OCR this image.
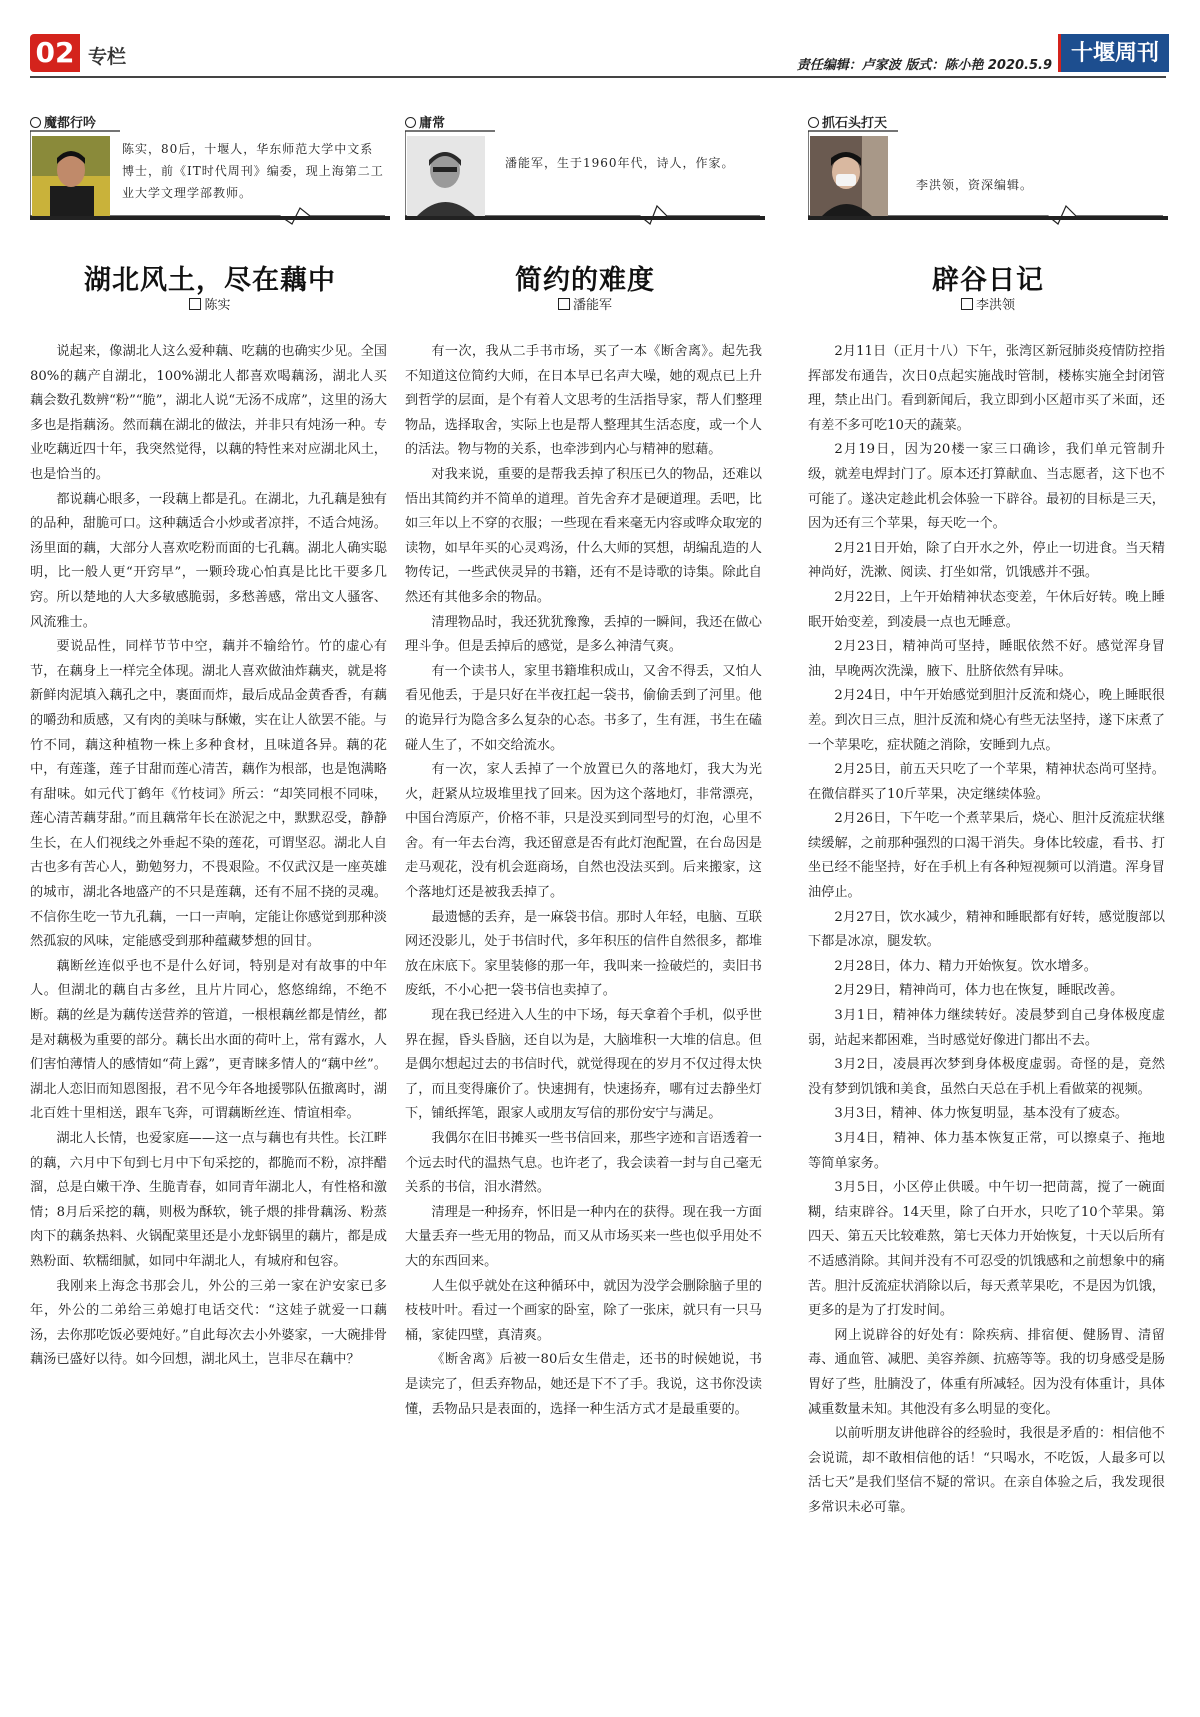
02 专栏	责任编辑：卢家波 版式：陈小艳 2020.5.9 十堰周刊
魔都行吟
陈实，80后，十堰人，华东师范大学中文系博士，前《IT时代周刊》编委，现上海第二工业大学文理学部教师。
湖北风土，尽在藕中
陈实

说起来，像湖北人这么爱种藕、吃藕的也确实少见。全国80%的藕产自湖北，100%湖北人都喜欢喝藕汤，湖北人买藕会数孔数辨“粉”“脆”，湖北人说“无汤不成席”，这里的汤大多也是指藕汤。然而藕在湖北的做法，并非只有炖汤一种。专业吃藕近四十年，我突然觉得，以藕的特性来对应湖北风土，也是恰当的。

都说藕心眼多，一段藕上都是孔。在湖北，九孔藕是独有的品种，甜脆可口。这种藕适合小炒或者凉拌，不适合炖汤。汤里面的藕，大部分人喜欢吃粉而面的七孔藕。湖北人确实聪明，比一般人更“开窍早”，一颗玲珑心怕真是比比干要多几窍。所以楚地的人大多敏感脆弱，多愁善感，常出文人骚客、风流雅士。

要说品性，同样节节中空，藕并不输给竹。竹的虚心有节，在藕身上一样完全体现。湖北人喜欢做油炸藕夹，就是将新鲜肉泥填入藕孔之中，裹面而炸，最后成品金黄香香，有藕的嚼劲和质感，又有肉的美味与酥嫩，实在让人欲罢不能。与竹不同，藕这种植物一株上多种食材，且味道各异。藕的花中，有莲蓬，莲子甘甜而莲心清苦，藕作为根部，也是饱满略有甜味。如元代丁鹤年《竹枝词》所云：“却笑同根不同味，莲心清苦藕芽甜。”而且藕常年长在淤泥之中，默默忍受，静静生长，在人们视线之外垂起不染的莲花，可谓坚忍。湖北人自古也多有苦心人，勤勉努力，不畏艰险。不仅武汉是一座英雄的城市，湖北各地盛产的不只是莲藕，还有不屈不挠的灵魂。不信你生吃一节九孔藕，一口一声响，定能让你感觉到那种淡然孤寂的风味，定能感受到那种蕴藏梦想的回甘。

藕断丝连似乎也不是什么好词，特别是对有故事的中年人。但湖北的藕自古多丝，且片片同心，悠悠绵绵，不绝不断。藕的丝是为藕传送营养的管道，一根根藕丝都是情丝，都是对藕极为重要的部分。藕长出水面的荷叶上，常有露水，人们害怕薄情人的感情如“荷上露”，更青睐多情人的“藕中丝”。湖北人恋旧而知恩图报，君不见今年各地援鄂队伍撤离时，湖北百姓十里相送，跟车飞奔，可谓藕断丝连、情谊相牵。

湖北人长情，也爱家庭——这一点与藕也有共性。长江畔的藕，六月中下旬到七月中下旬采挖的，都脆而不粉，凉拌醋溜，总是白嫩干净、生脆青春，如同青年湖北人，有性格和激情；8月后采挖的藕，则极为酥软，铫子煨的排骨藕汤、粉蒸肉下的藕条热料、火锅配菜里还是小龙虾锅里的藕片，都是成熟粉面、软糯细腻，如同中年湖北人，有城府和包容。

我刚来上海念书那会儿，外公的三弟一家在沪安家已多年，外公的二弟给三弟媳打电话交代：“这娃子就爱一口藕汤，去你那吃饭必要炖好。”自此每次去小外婆家，一大碗排骨藕汤已盛好以待。如今回想，湖北风土，岂非尽在藕中？

庸常
潘能军，生于1960年代，诗人，作家。
简约的难度
潘能军

有一次，我从二手书市场，买了一本《断舍离》。起先我不知道这位简约大师，在日本早已名声大噪，她的观点已上升到哲学的层面，是个有着人文思考的生活指导家，帮人们整理物品，选择取舍，实际上也是帮人整理其生活态度，或一个人的活法。物与物的关系，也牵涉到内心与精神的慰藉。

对我来说，重要的是帮我丢掉了积压已久的物品，还难以悟出其简约并不简单的道理。首先舍弃才是硬道理。丢吧，比如三年以上不穿的衣服；一些现在看来毫无内容或哗众取宠的读物，如早年买的心灵鸡汤，什么大师的冥想，胡编乱造的人物传记，一些武侠灵异的书籍，还有不是诗歌的诗集。除此自然还有其他多余的物品。

清理物品时，我还犹犹豫豫，丢掉的一瞬间，我还在做心理斗争。但是丢掉后的感觉，是多么神清气爽。

有一个读书人，家里书籍堆积成山，又舍不得丢，又怕人看见他丢，于是只好在半夜扛起一袋书，偷偷丢到了河里。他的诡异行为隐含多么复杂的心态。书多了，生有涯，书生在磕碰人生了，不如交给流水。

有一次，家人丢掉了一个放置已久的落地灯，我大为光火，赶紧从垃圾堆里找了回来。因为这个落地灯，非常漂亮，中国台湾原产，价格不菲，只是没买到同型号的灯泡，心里不舍。有一年去台湾，我还留意是否有此灯泡配置，在台岛因是走马观花，没有机会逛商场，自然也没法买到。后来搬家，这个落地灯还是被我丢掉了。

最遗憾的丢弃，是一麻袋书信。那时人年轻，电脑、互联网还没影儿，处于书信时代，多年积压的信件自然很多，都堆放在床底下。家里装修的那一年，我叫来一捡破烂的，卖旧书废纸，不小心把一袋书信也卖掉了。

现在我已经进入人生的中下场，每天拿着个手机，似乎世界在握，昏头昏脑，还自以为是，大脑堆积一大堆的信息。但是偶尔想起过去的书信时代，就觉得现在的岁月不仅过得太快了，而且变得廉价了。快速拥有，快速扬弃，哪有过去静坐灯下，铺纸挥笔，跟家人或朋友写信的那份安宁与满足。

我偶尔在旧书摊买一些书信回来，那些字迹和言语透着一个远去时代的温热气息。也许老了，我会读着一封与自己毫无关系的书信，泪水潸然。

清理是一种扬弃，怀旧是一种内在的获得。现在我一方面大量丢弃一些无用的物品，而又从市场买来一些也似乎用处不大的东西回来。

人生似乎就处在这种循环中，就因为没学会删除脑子里的枝枝叶叶。看过一个画家的卧室，除了一张床，就只有一只马桶，家徒四壁，真清爽。

《断舍离》后被一80后女生借走，还书的时候她说，书是读完了，但丢弃物品，她还是下不了手。我说，这书你没读懂，丢物品只是表面的，选择一种生活方式才是最重要的。

抓石头打天
李洪领，资深编辑。
辟谷日记
李洪领

2月11日（正月十八）下午，张湾区新冠肺炎疫情防控指挥部发布通告，次日0点起实施战时管制，楼栋实施全封闭管理，禁止出门。看到新闻后，我立即到小区超市买了米面，还有差不多可吃10天的蔬菜。

2月19日，因为20楼一家三口确诊，我们单元管制升级，就差电焊封门了。原本还打算献血、当志愿者，这下也不可能了。遂决定趁此机会体验一下辟谷。最初的目标是三天，因为还有三个苹果，每天吃一个。

2月21日开始，除了白开水之外，停止一切进食。当天精神尚好，洗漱、阅读、打坐如常，饥饿感并不强。

2月22日，上午开始精神状态变差，午休后好转。晚上睡眠开始变差，到凌晨一点也无睡意。

2月23日，精神尚可坚持，睡眠依然不好。感觉浑身冒油，早晚两次洗澡，腋下、肚脐依然有异味。

2月24日，中午开始感觉到胆汁反流和烧心，晚上睡眠很差。到次日三点，胆汁反流和烧心有些无法坚持，遂下床煮了一个苹果吃，症状随之消除，安睡到九点。

2月25日，前五天只吃了一个苹果，精神状态尚可坚持。在微信群买了10斤苹果，决定继续体验。

2月26日，下午吃一个煮苹果后，烧心、胆汁反流症状继续缓解，之前那种强烈的口渴干消失。身体比较虚，看书、打坐已经不能坚持，好在手机上有各种短视频可以消遣。浑身冒油停止。

2月27日，饮水减少，精神和睡眠都有好转，感觉腹部以下都是冰凉，腿发软。

2月28日，体力、精力开始恢复。饮水增多。

2月29日，精神尚可，体力也在恢复，睡眠改善。

3月1日，精神体力继续转好。凌晨梦到自己身体极度虚弱，站起来都困难，当时感觉好像进门都出不去。

3月2日，凌晨再次梦到身体极度虚弱。奇怪的是，竟然没有梦到饥饿和美食，虽然白天总在手机上看做菜的视频。

3月3日，精神、体力恢复明显，基本没有了疲态。

3月4日，精神、体力基本恢复正常，可以擦桌子、拖地等简单家务。

3月5日，小区停止供暖。中午切一把茼蒿，搅了一碗面糊，结束辟谷。14天里，除了白开水，只吃了10个苹果。第四天、第五天比较难熬，第七天体力开始恢复，十天以后所有不适感消除。其间并没有不可忍受的饥饿感和之前想象中的痛苦。胆汁反流症状消除以后，每天煮苹果吃，不是因为饥饿，更多的是为了打发时间。

网上说辟谷的好处有：除疾病、排宿便、健肠胃、清留毒、通血管、减肥、美容养颜、抗癌等等。我的切身感受是肠胃好了些，肚腩没了，体重有所减轻。因为没有体重计，具体减重数量未知。其他没有多么明显的变化。

以前听朋友讲他辟谷的经验时，我很是矛盾的：相信他不会说谎，却不敢相信他的话！“只喝水，不吃饭，人最多可以活七天”是我们坚信不疑的常识。在亲自体验之后，我发现很多常识未必可靠。
